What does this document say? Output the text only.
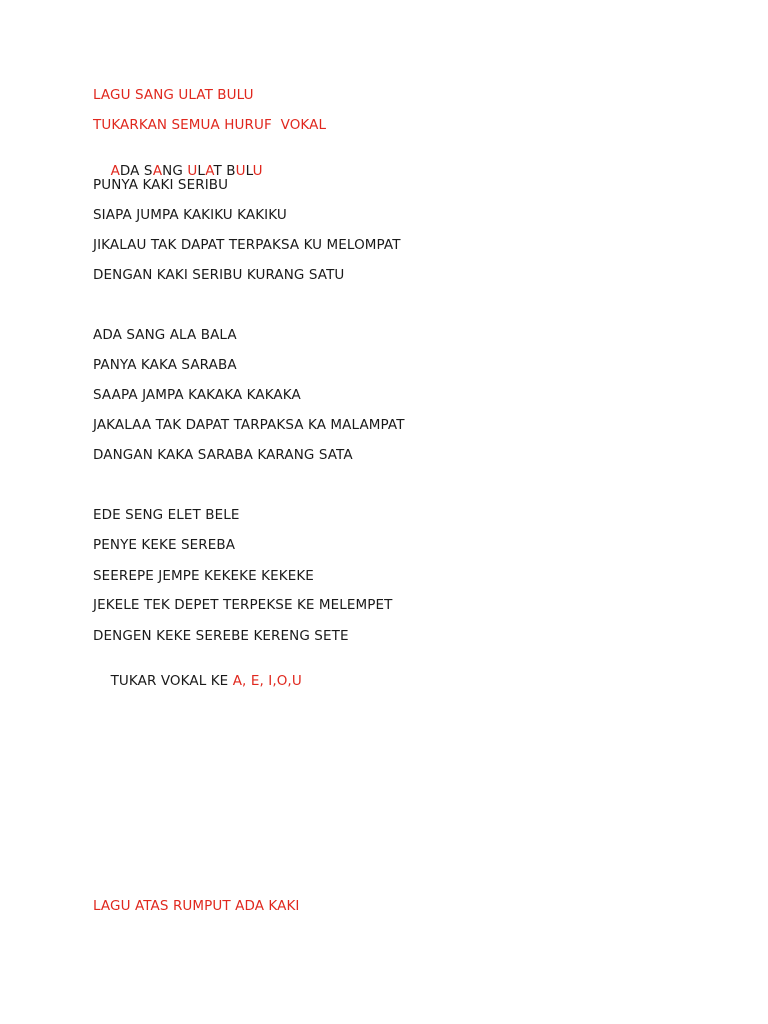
LAGU SANG ULAT BULU
TUKARKAN SEMUA HURUF  VOKAL

ADA SANG ULAT BULU

PUNYA KAKI SERIBU
SIAPA JUMPA KAKIKU KAKIKU
JIKALAU TAK DAPAT TERPAKSA KU MELOMPAT
DENGAN KAKI SERIBU KURANG SATU
ADA SANG ALA BALA
PANYA KAKA SARABA
SAAPA JAMPA KAKAKA KAKAKA
JAKALAA TAK DAPAT TARPAKSA KA MALAMPAT
DANGAN KAKA SARABA KARANG SATA
EDE SENG ELET BELE
PENYE KEKE SEREBA
SEEREPE JEMPE KEKEKE KEKEKE
JEKELE TEK DEPET TERPEKSE KE MELEMPET
DENGEN KEKE SEREBE KERENG SETE

TUKAR VOKAL KE A, E, I,O,U

LAGU ATAS RUMPUT ADA KAKI
